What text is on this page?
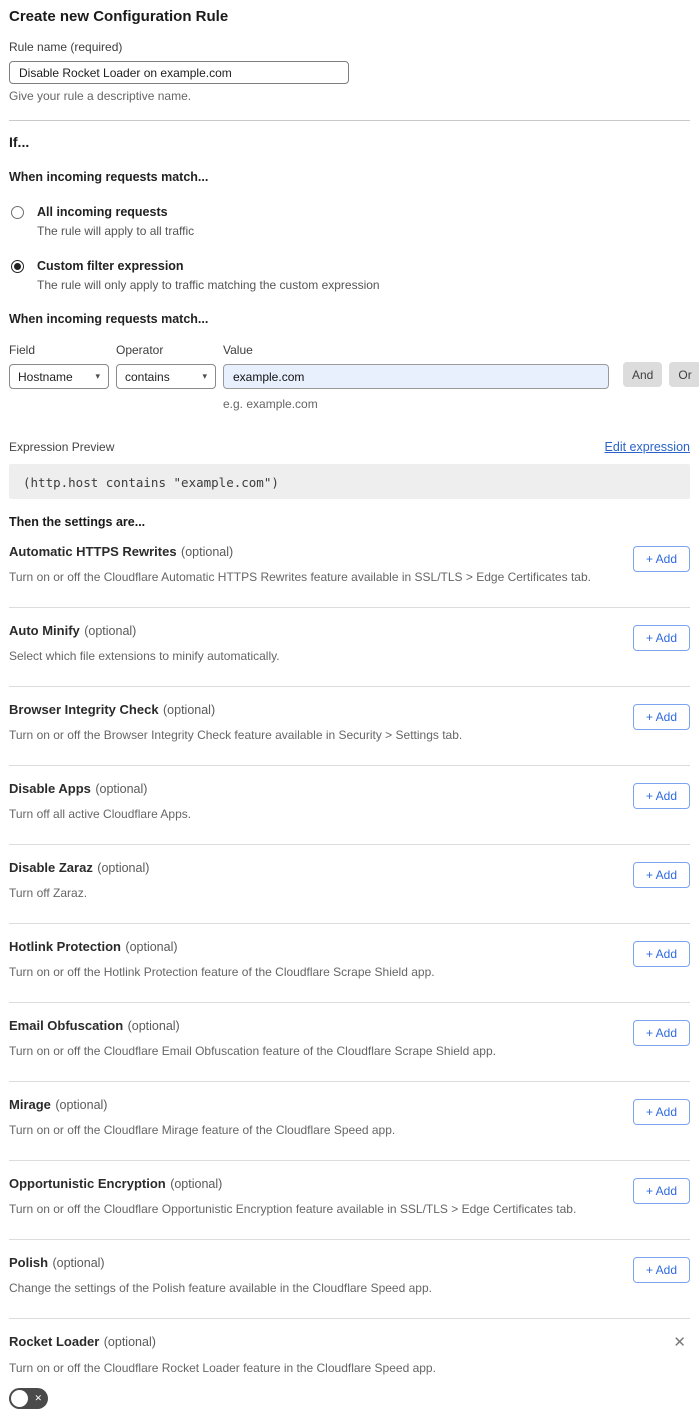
Create new Configuration Rule
Rule name (required)
Disable Rocket Loader on example.com
Give your rule a descriptive name.
If...
When incoming requests match...
All incoming requests
The rule will apply to all traffic
Custom filter expression
The rule will only apply to traffic matching the custom expression
When incoming requests match...
Field
Hostname	▾
Operator
contains	▾
Value
example.com
e.g. example.com
And	Or
Expression Preview	Edit expression
(http.host contains "example.com")
Then the settings are...
Automatic HTTPS Rewrites (optional)
Turn on or off the Cloudflare Automatic HTTPS Rewrites feature available in SSL/TLS > Edge Certificates tab.
+ Add
Auto Minify (optional)
Select which file extensions to minify automatically.
+ Add
Browser Integrity Check (optional)
Turn on or off the Browser Integrity Check feature available in Security > Settings tab.
+ Add
Disable Apps (optional)
Turn off all active Cloudflare Apps.
+ Add
Disable Zaraz (optional)
Turn off Zaraz.
+ Add
Hotlink Protection (optional)
Turn on or off the Hotlink Protection feature of the Cloudflare Scrape Shield app.
+ Add
Email Obfuscation (optional)
Turn on or off the Cloudflare Email Obfuscation feature of the Cloudflare Scrape Shield app.
+ Add
Mirage (optional)
Turn on or off the Cloudflare Mirage feature of the Cloudflare Speed app.
+ Add
Opportunistic Encryption (optional)
Turn on or off the Cloudflare Opportunistic Encryption feature available in SSL/TLS > Edge Certificates tab.
+ Add
Polish (optional)
Change the settings of the Polish feature available in the Cloudflare Speed app.
+ Add
Rocket Loader (optional)	✕
Turn on or off the Cloudflare Rocket Loader feature in the Cloudflare Speed app.
✕
